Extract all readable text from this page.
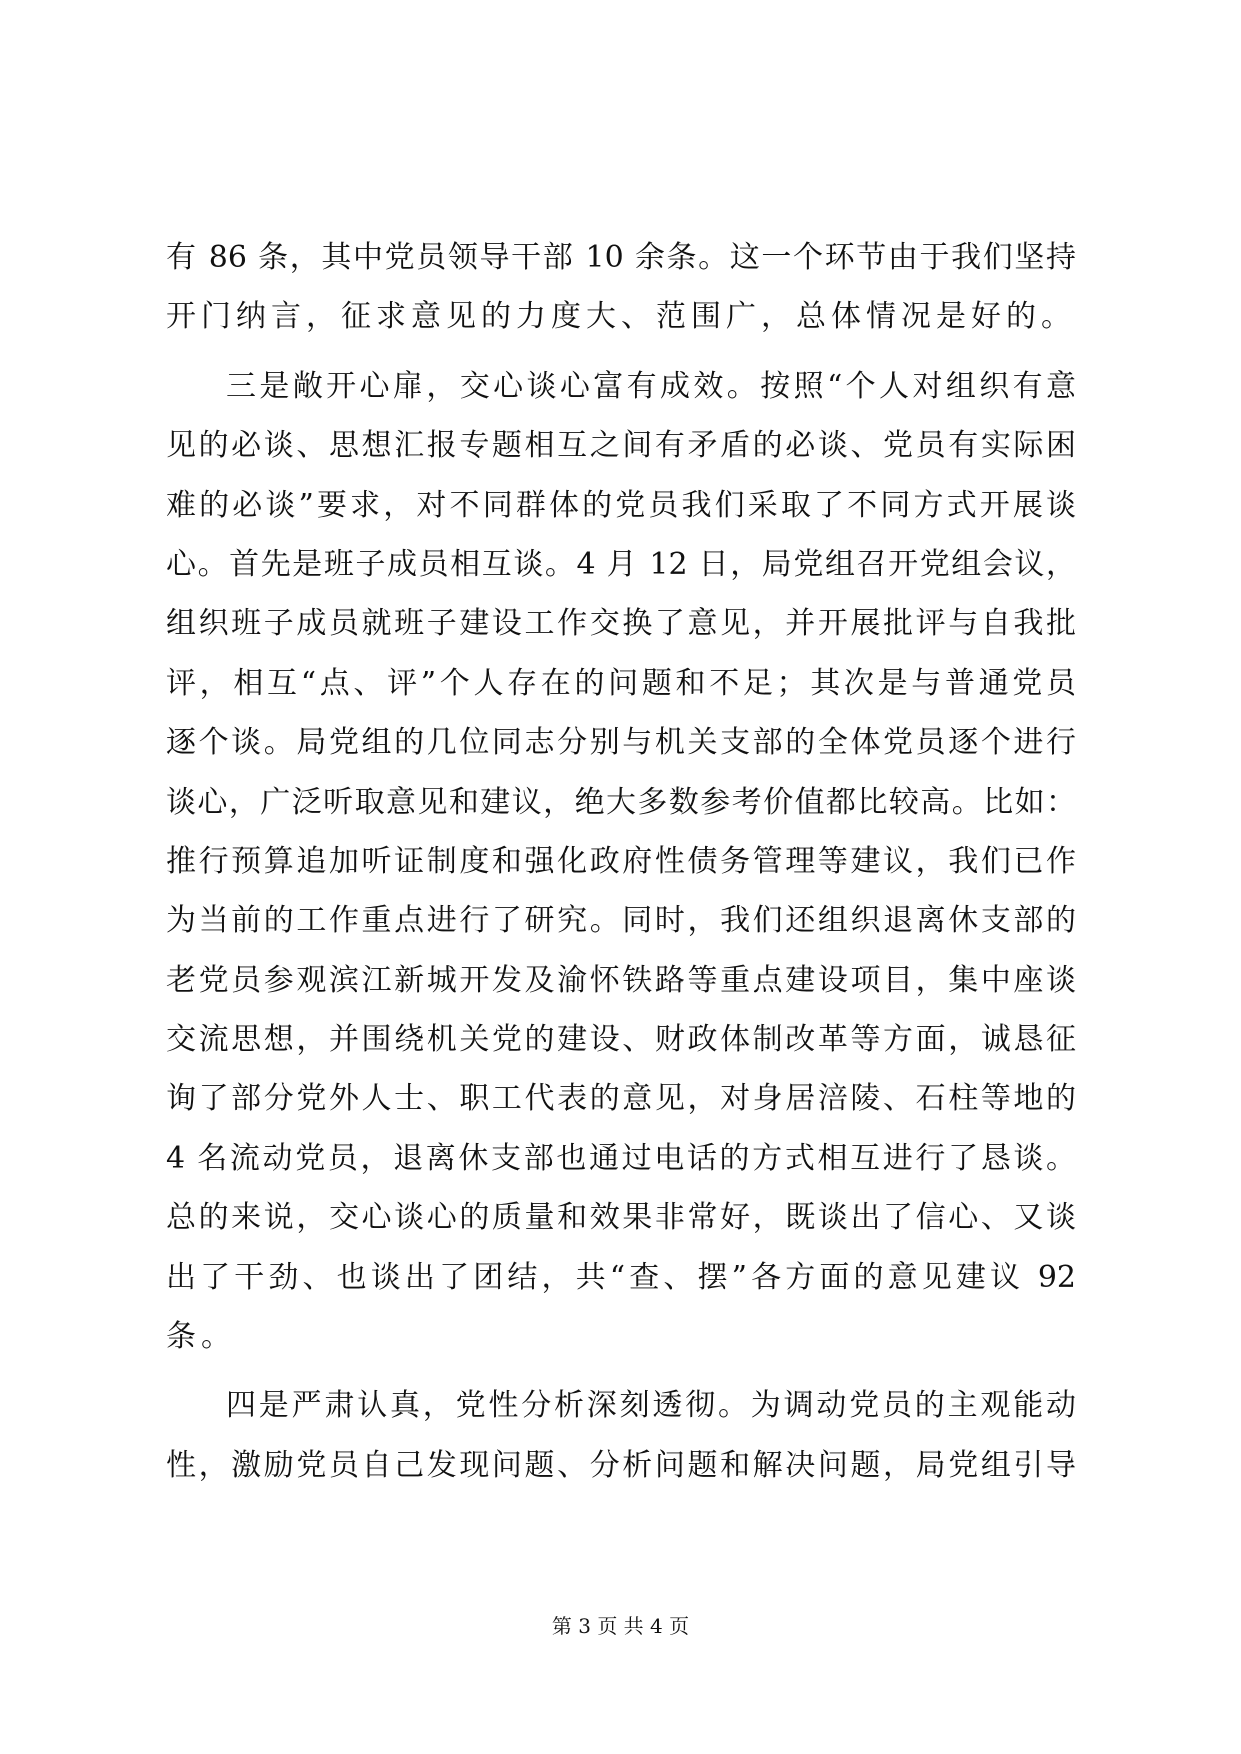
有 86 条，其中党员领导干部 10 余条。这一个环节由于我们坚持
开门纳言，征求意见的力度大、范围广，总体情况是好的。
三是敞开心扉，交心谈心富有成效。按照“个人对组织有意
见的必谈、思想汇报专题相互之间有矛盾的必谈、党员有实际困
难的必谈”要求，对不同群体的党员我们采取了不同方式开展谈
心。首先是班子成员相互谈。4 月 12 日，局党组召开党组会议，
组织班子成员就班子建设工作交换了意见，并开展批评与自我批
评，相互“点、评”个人存在的问题和不足；其次是与普通党员
逐个谈。局党组的几位同志分别与机关支部的全体党员逐个进行
谈心，广泛听取意见和建议，绝大多数参考价值都比较高。比如：
推行预算追加听证制度和强化政府性债务管理等建议，我们已作
为当前的工作重点进行了研究。同时，我们还组织退离休支部的
老党员参观滨江新城开发及渝怀铁路等重点建设项目，集中座谈
交流思想，并围绕机关党的建设、财政体制改革等方面，诚恳征
询了部分党外人士、职工代表的意见，对身居涪陵、石柱等地的
4 名流动党员，退离休支部也通过电话的方式相互进行了恳谈。
总的来说，交心谈心的质量和效果非常好，既谈出了信心、又谈
出了干劲、也谈出了团结，共“查、摆”各方面的意见建议 92
条。
四是严肃认真，党性分析深刻透彻。为调动党员的主观能动
性，激励党员自己发现问题、分析问题和解决问题，局党组引导
第 3 页 共 4 页
